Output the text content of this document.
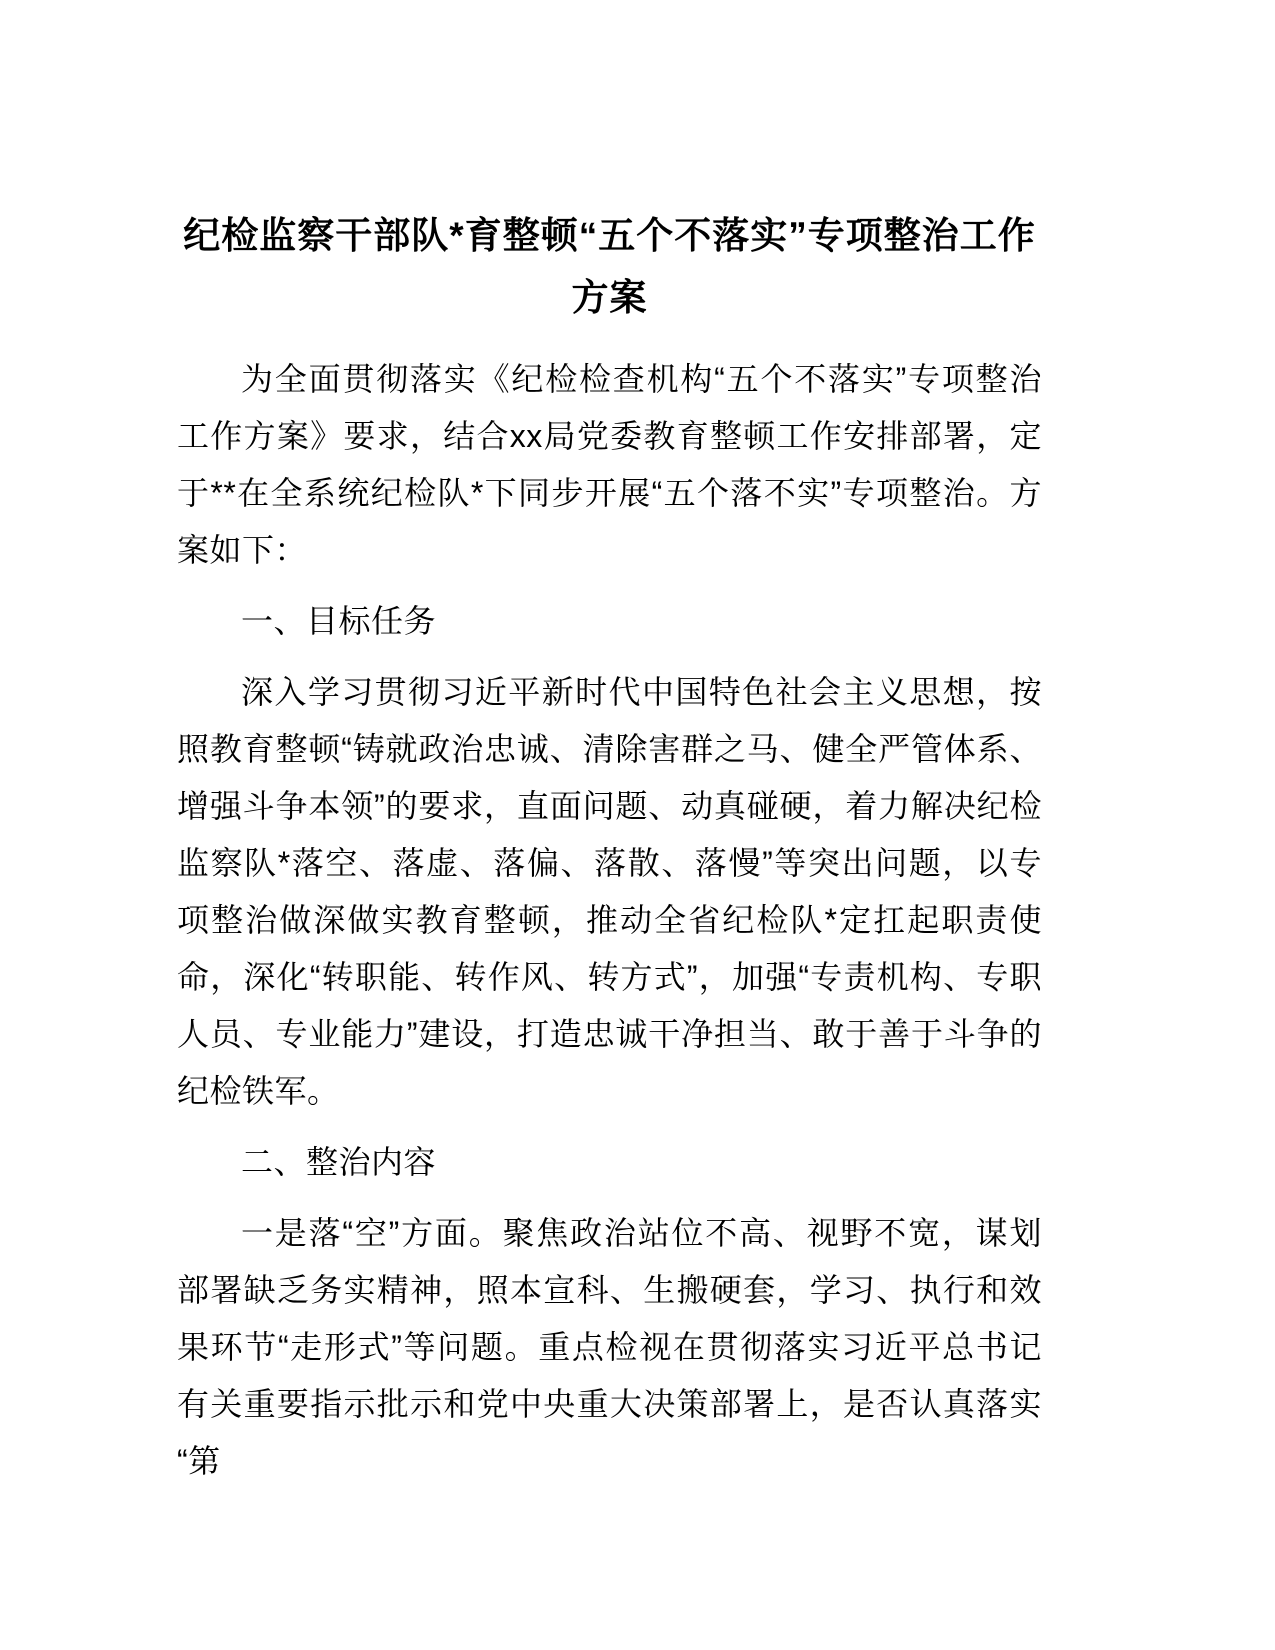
纪检监察干部队*育整顿“五个不落实”专项整治工作方案

为全面贯彻落实《纪检检查机构“五个不落实”专项整治工作方案》要求，结合xx局党委教育整顿工作安排部署，定于**在全系统纪检队*下同步开展“五个落不实”专项整治。方案如下：

一、目标任务

深入学习贯彻习近平新时代中国特色社会主义思想，按照教育整顿“铸就政治忠诚、清除害群之马、健全严管体系、增强斗争本领”的要求，直面问题、动真碰硬，着力解决纪检监察队*落空、落虚、落偏、落散、落慢”等突出问题，以专项整治做深做实教育整顿，推动全省纪检队*定扛起职责使命，深化“转职能、转作风、转方式”，加强“专责机构、专职人员、专业能力”建设，打造忠诚干净担当、敢于善于斗争的纪检铁军。

二、整治内容

一是落“空”方面。聚焦政治站位不高、视野不宽，谋划部署缺乏务实精神，照本宣科、生搬硬套，学习、执行和效果环节“走形式”等问题。重点检视在贯彻落实习近平总书记有关重要指示批示和党中央重大决策部署上，是否认真落实“第
